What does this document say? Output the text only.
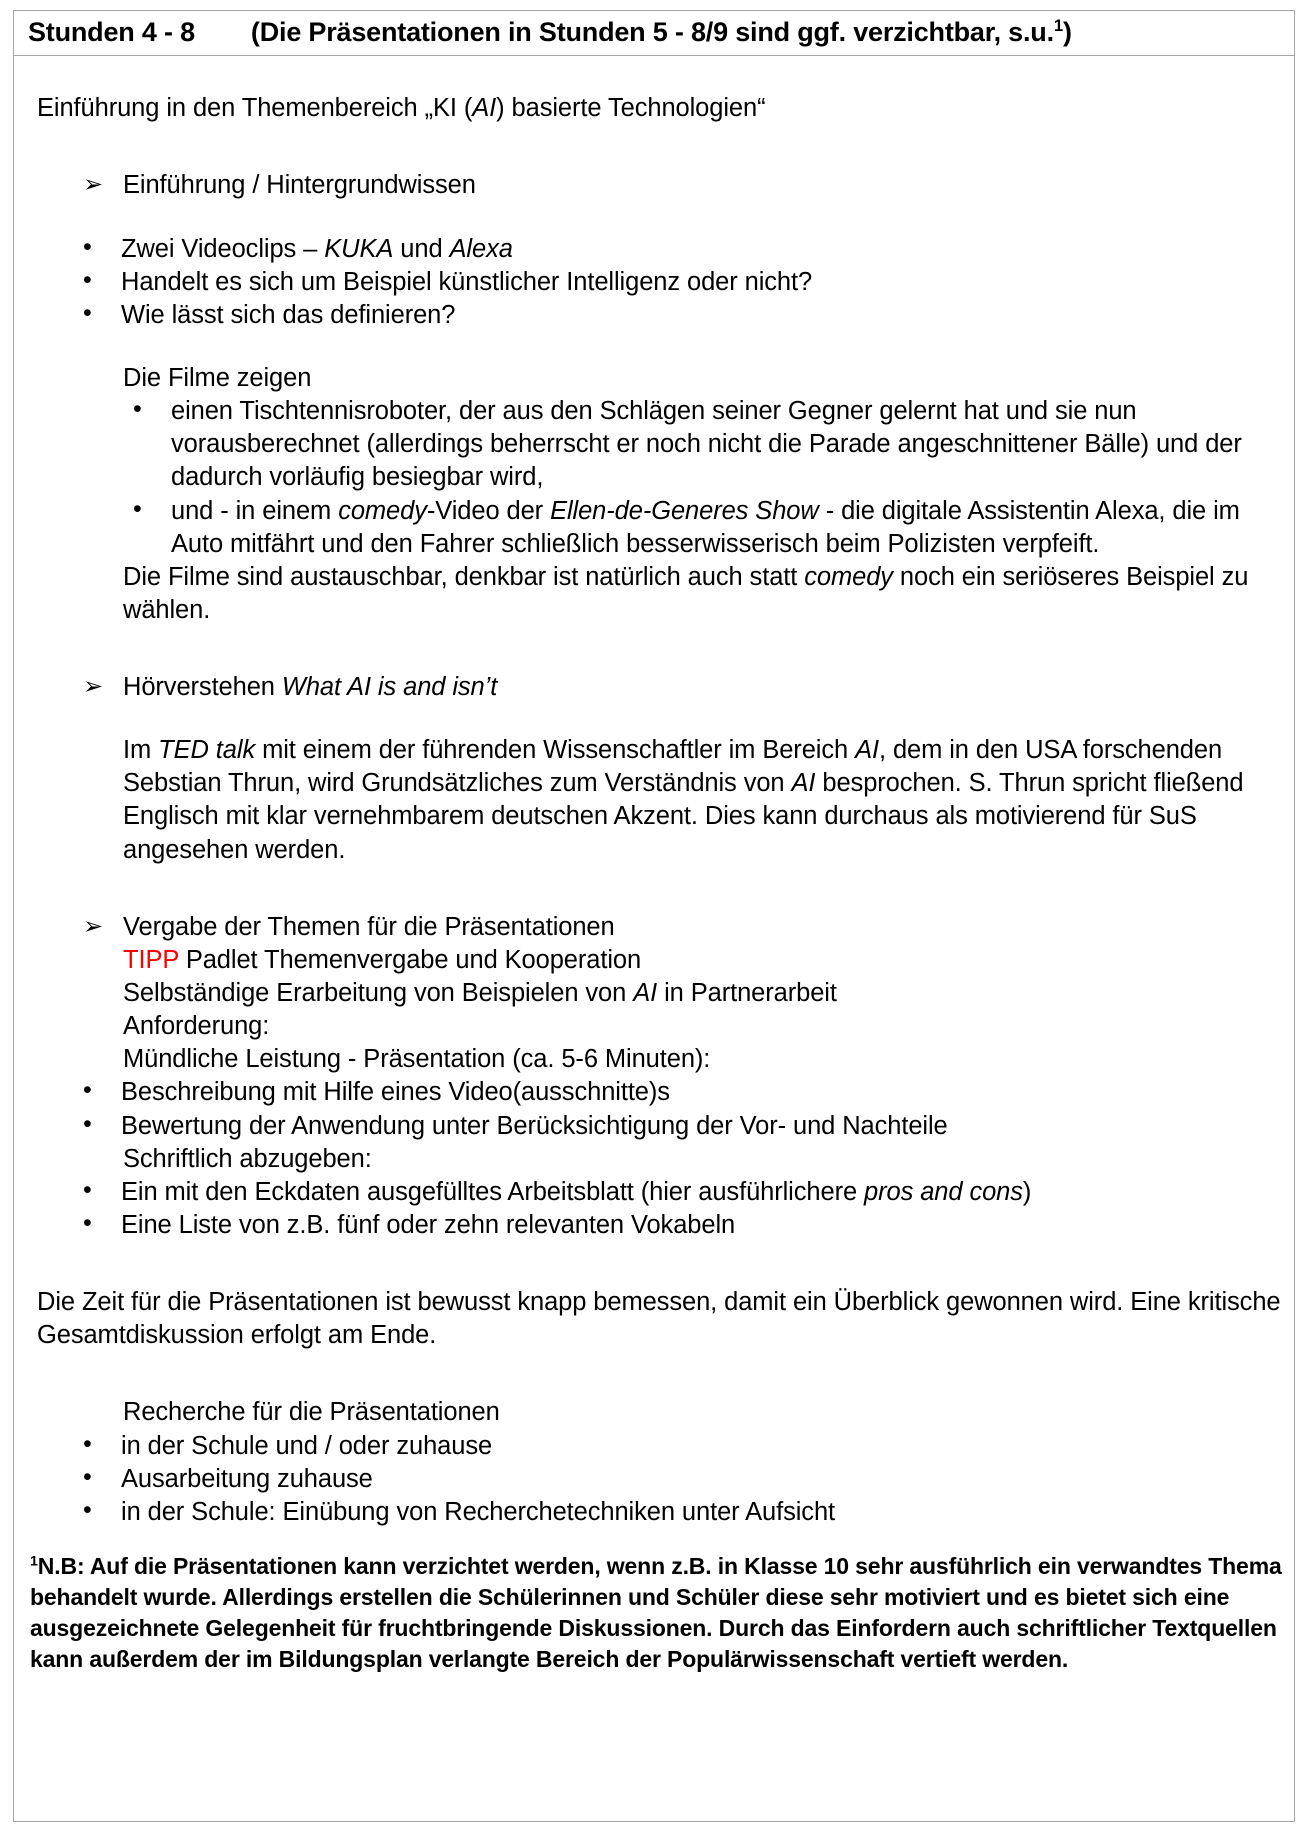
Stunden 4 - 8 (Die Präsentationen in Stunden 5 - 8/9 sind ggf. verzichtbar, s.u.$^1$)
Einführung in den Themenbereich „KI (AI) basierte Technologien“
➢ Einführung / Hintergrundwissen
•	Zwei Videoclips – KUKA und Alexa
•	Handelt es sich um Beispiel künstlicher Intelligenz oder nicht?
•	Wie lässt sich das definieren?
Die Filme zeigen
•	einen Tischtennisroboter, der aus den Schlägen seiner Gegner gelernt hat und sie nun vorausberechnet (allerdings beherrscht er noch nicht die Parade angeschnittener Bälle) und der dadurch vorläufig besiegbar wird,
•	und - in einem comedy-Video der Ellen-de-Generes Show - die digitale Assistentin Alexa, die im Auto mitfährt und den Fahrer schließlich besserwisserisch beim Polizisten verpfeift.
Die Filme sind austauschbar, denkbar ist natürlich auch statt comedy noch ein seriöseres Beispiel zu wählen.
➢ Hörverstehen What AI is and isn’t
Im TED talk mit einem der führenden Wissenschaftler im Bereich AI, dem in den USA forschenden Sebstian Thrun, wird Grundsätzliches zum Verständnis von AI besprochen. S. Thrun spricht fließend Englisch mit klar vernehmbarem deutschen Akzent. Dies kann durchaus als motivierend für SuS angesehen werden.
➢ Vergabe der Themen für die Präsentationen
TIPP Padlet Themenvergabe und Kooperation
Selbständige Erarbeitung von Beispielen von AI in Partnerarbeit
Anforderung:
Mündliche Leistung - Präsentation (ca. 5-6 Minuten):
•	Beschreibung mit Hilfe eines Video(ausschnitte)s
•	Bewertung der Anwendung unter Berücksichtigung der Vor- und Nachteile
Schriftlich abzugeben:
•	Ein mit den Eckdaten ausgefülltes Arbeitsblatt (hier ausführlichere pros and cons)
•	Eine Liste von z.B. fünf oder zehn relevanten Vokabeln
Die Zeit für die Präsentationen ist bewusst knapp bemessen, damit ein Überblick gewonnen wird. Eine kritische Gesamtdiskussion erfolgt am Ende.
Recherche für die Präsentationen
•	in der Schule und / oder zuhause
•	Ausarbeitung zuhause
•	in der Schule: Einübung von Recherchetechniken unter Aufsicht
$^1$N.B: Auf die Präsentationen kann verzichtet werden, wenn z.B. in Klasse 10 sehr ausführlich ein verwandtes Thema behandelt wurde. Allerdings erstellen die Schülerinnen und Schüler diese sehr motiviert und es bietet sich eine ausgezeichnete Gelegenheit für fruchtbringende Diskussionen. Durch das Einfordern auch schriftlicher Textquellen kann außerdem der im Bildungsplan verlangte Bereich der Populärwissenschaft vertieft werden.
